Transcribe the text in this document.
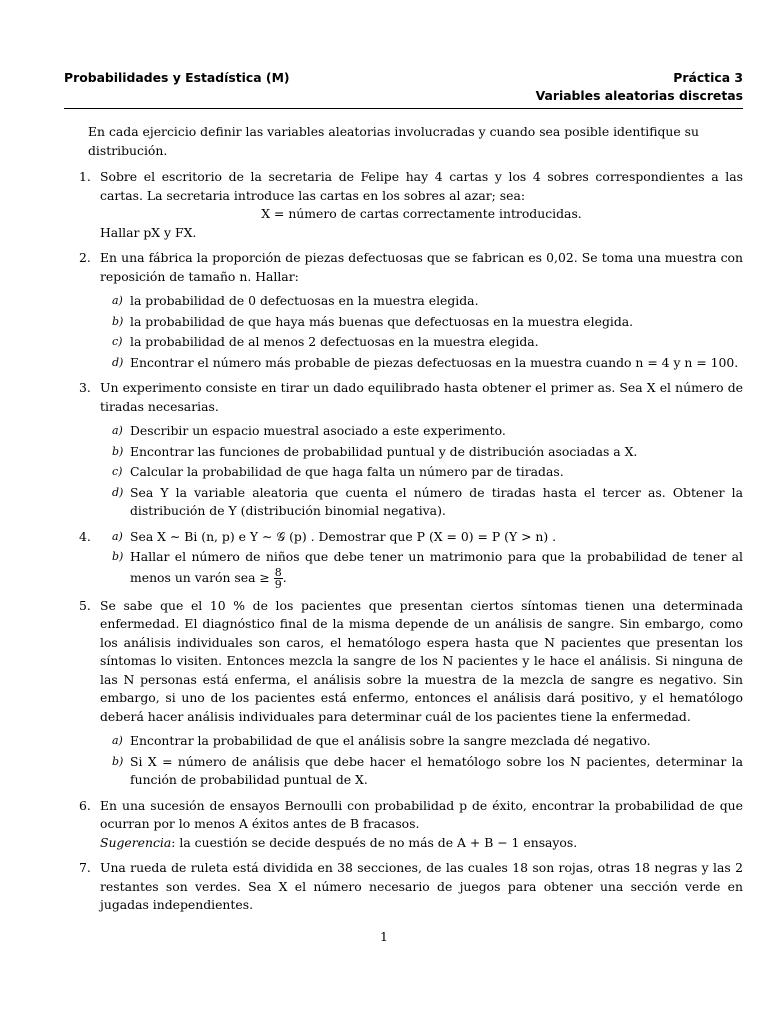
Probabilidades y Estadística (M)	Práctica 3
Variables aleatorias discretas

En cada ejercicio definir las variables aleatorias involucradas y cuando sea posible identifique su distribución.

1. Sobre el escritorio de la secretaria de Felipe hay 4 cartas y los 4 sobres correspondientes a las cartas. La secretaria introduce las cartas en los sobres al azar; sea:

X = número de cartas correctamente introducidas.

Hallar pX y FX.

2. En una fábrica la proporción de piezas defectuosas que se fabrican es 0,02. Se toma una muestra con reposición de tamaño n. Hallar:

a) la probabilidad de 0 defectuosas en la muestra elegida.
b) la probabilidad de que haya más buenas que defectuosas en la muestra elegida.
c) la probabilidad de al menos 2 defectuosas en la muestra elegida.
d) Encontrar el número más probable de piezas defectuosas en la muestra cuando n = 4 y n = 100.
3. Un experimento consiste en tirar un dado equilibrado hasta obtener el primer as. Sea X el número de tiradas necesarias.

a) Describir un espacio muestral asociado a este experimento.
b) Encontrar las funciones de probabilidad puntual y de distribución asociadas a X.
c) Calcular la probabilidad de que haga falta un número par de tiradas.
d) Sea Y la variable aleatoria que cuenta el número de tiradas hasta el tercer as. Obtener la distribución de Y (distribución binomial negativa).
4. a) Sea X ∼ Bi (n, p) e Y ∼ 𝒢 (p) . Demostrar que P (X = 0) = P (Y > n) .
b) Hallar el número de niños que debe tener un matrimonio para que la probabilidad de tener al menos un varón sea ≥ $\frac{8}{9}$ .
5. Se sabe que el 10 % de los pacientes que presentan ciertos síntomas tienen una determinada enfermedad. El diagnóstico final de la misma depende de un análisis de sangre. Sin embargo, como los análisis individuales son caros, el hematólogo espera hasta que N pacientes que presentan los síntomas lo visiten. Entonces mezcla la sangre de los N pacientes y le hace el análisis. Si ninguna de las N personas está enferma, el análisis sobre la muestra de la mezcla de sangre es negativo. Sin embargo, si uno de los pacientes está enfermo, entonces el análisis dará positivo, y el hematólogo deberá hacer análisis individuales para determinar cuál de los pacientes tiene la enfermedad.

a) Encontrar la probabilidad de que el análisis sobre la sangre mezclada dé negativo.
b) Si X = número de análisis que debe hacer el hematólogo sobre los N pacientes, determinar la función de probabilidad puntual de X.
6. En una sucesión de ensayos Bernoulli con probabilidad p de éxito, encontrar la probabilidad de que ocurran por lo menos A éxitos antes de B fracasos.

Sugerencia: la cuestión se decide después de no más de A + B − 1 ensayos.

7. Una rueda de ruleta está dividida en 38 secciones, de las cuales 18 son rojas, otras 18 negras y las 2 restantes son verdes. Sea X el número necesario de juegos para obtener una sección verde en jugadas independientes.

1
